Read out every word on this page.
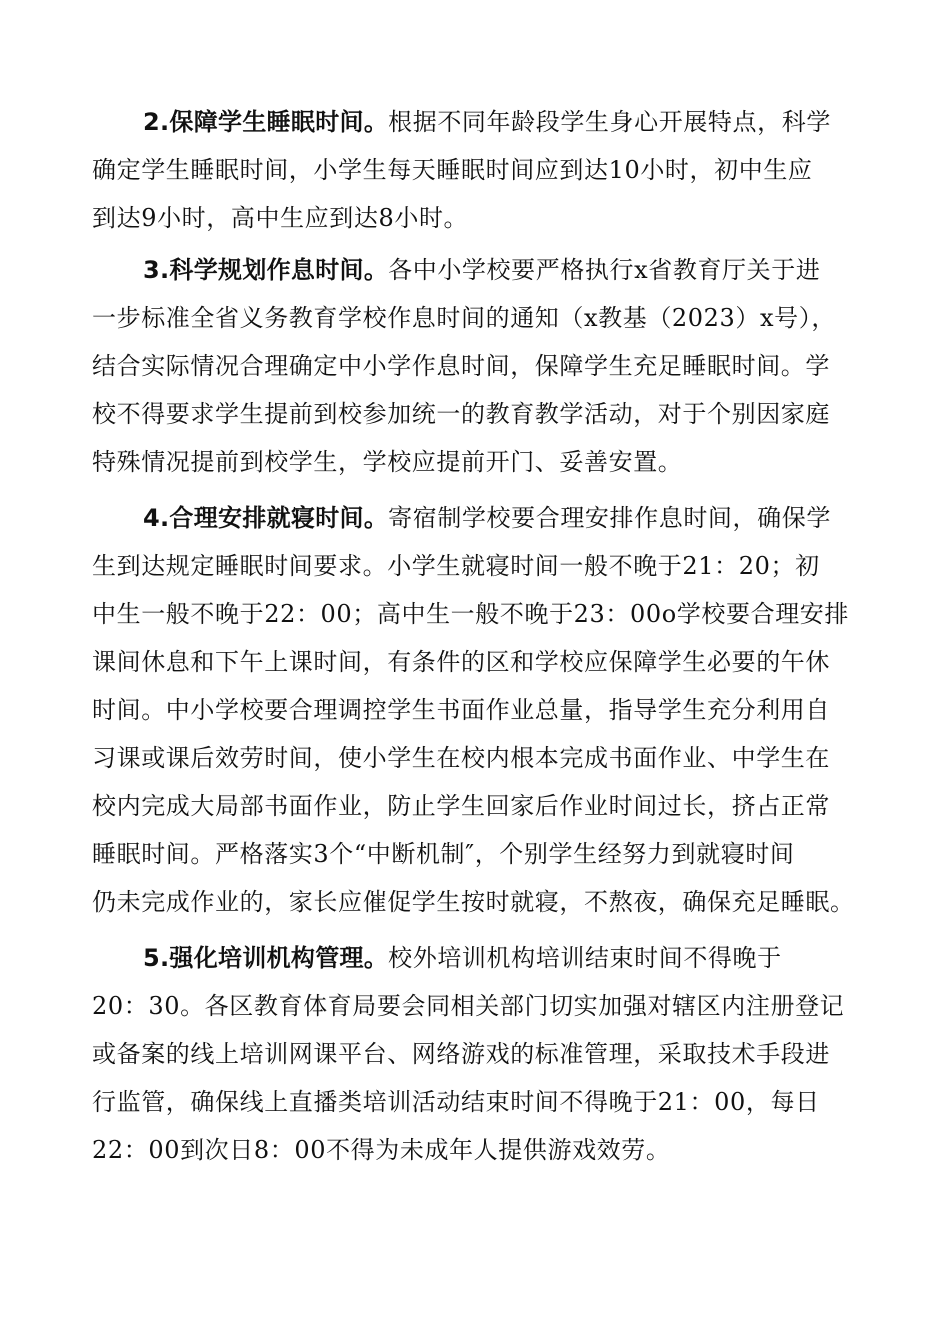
2.保障学生睡眠时间。根据不同年龄段学生身心开展特点，科学
确定学生睡眠时间，小学生每天睡眠时间应到达10小时，初中生应
到达9小时，高中生应到达8小时。
3.科学规划作息时间。各中小学校要严格执行x省教育厅关于进
一步标准全省义务教育学校作息时间的通知（x教基（2023）x号），
结合实际情况合理确定中小学作息时间，保障学生充足睡眠时间。学
校不得要求学生提前到校参加统一的教育教学活动，对于个别因家庭
特殊情况提前到校学生，学校应提前开门、妥善安置。
4.合理安排就寝时间。寄宿制学校要合理安排作息时间，确保学
生到达规定睡眠时间要求。小学生就寝时间一般不晚于21：20；初
中生一般不晚于22：00；高中生一般不晚于23：00o学校要合理安排
课间休息和下午上课时间，有条件的区和学校应保障学生必要的午休
时间。中小学校要合理调控学生书面作业总量，指导学生充分利用自
习课或课后效劳时间，使小学生在校内根本完成书面作业、中学生在
校内完成大局部书面作业，防止学生回家后作业时间过长，挤占正常
睡眠时间。严格落实3个“中断机制″，个别学生经努力到就寝时间
仍未完成作业的，家长应催促学生按时就寝，不熬夜，确保充足睡眠。
5.强化培训机构管理。校外培训机构培训结束时间不得晚于
20：30。各区教育体育局要会同相关部门切实加强对辖区内注册登记
或备案的线上培训网课平台、网络游戏的标准管理，采取技术手段进
行监管，确保线上直播类培训活动结束时间不得晚于21：00，每日
22：00到次日8：00不得为未成年人提供游戏效劳。
